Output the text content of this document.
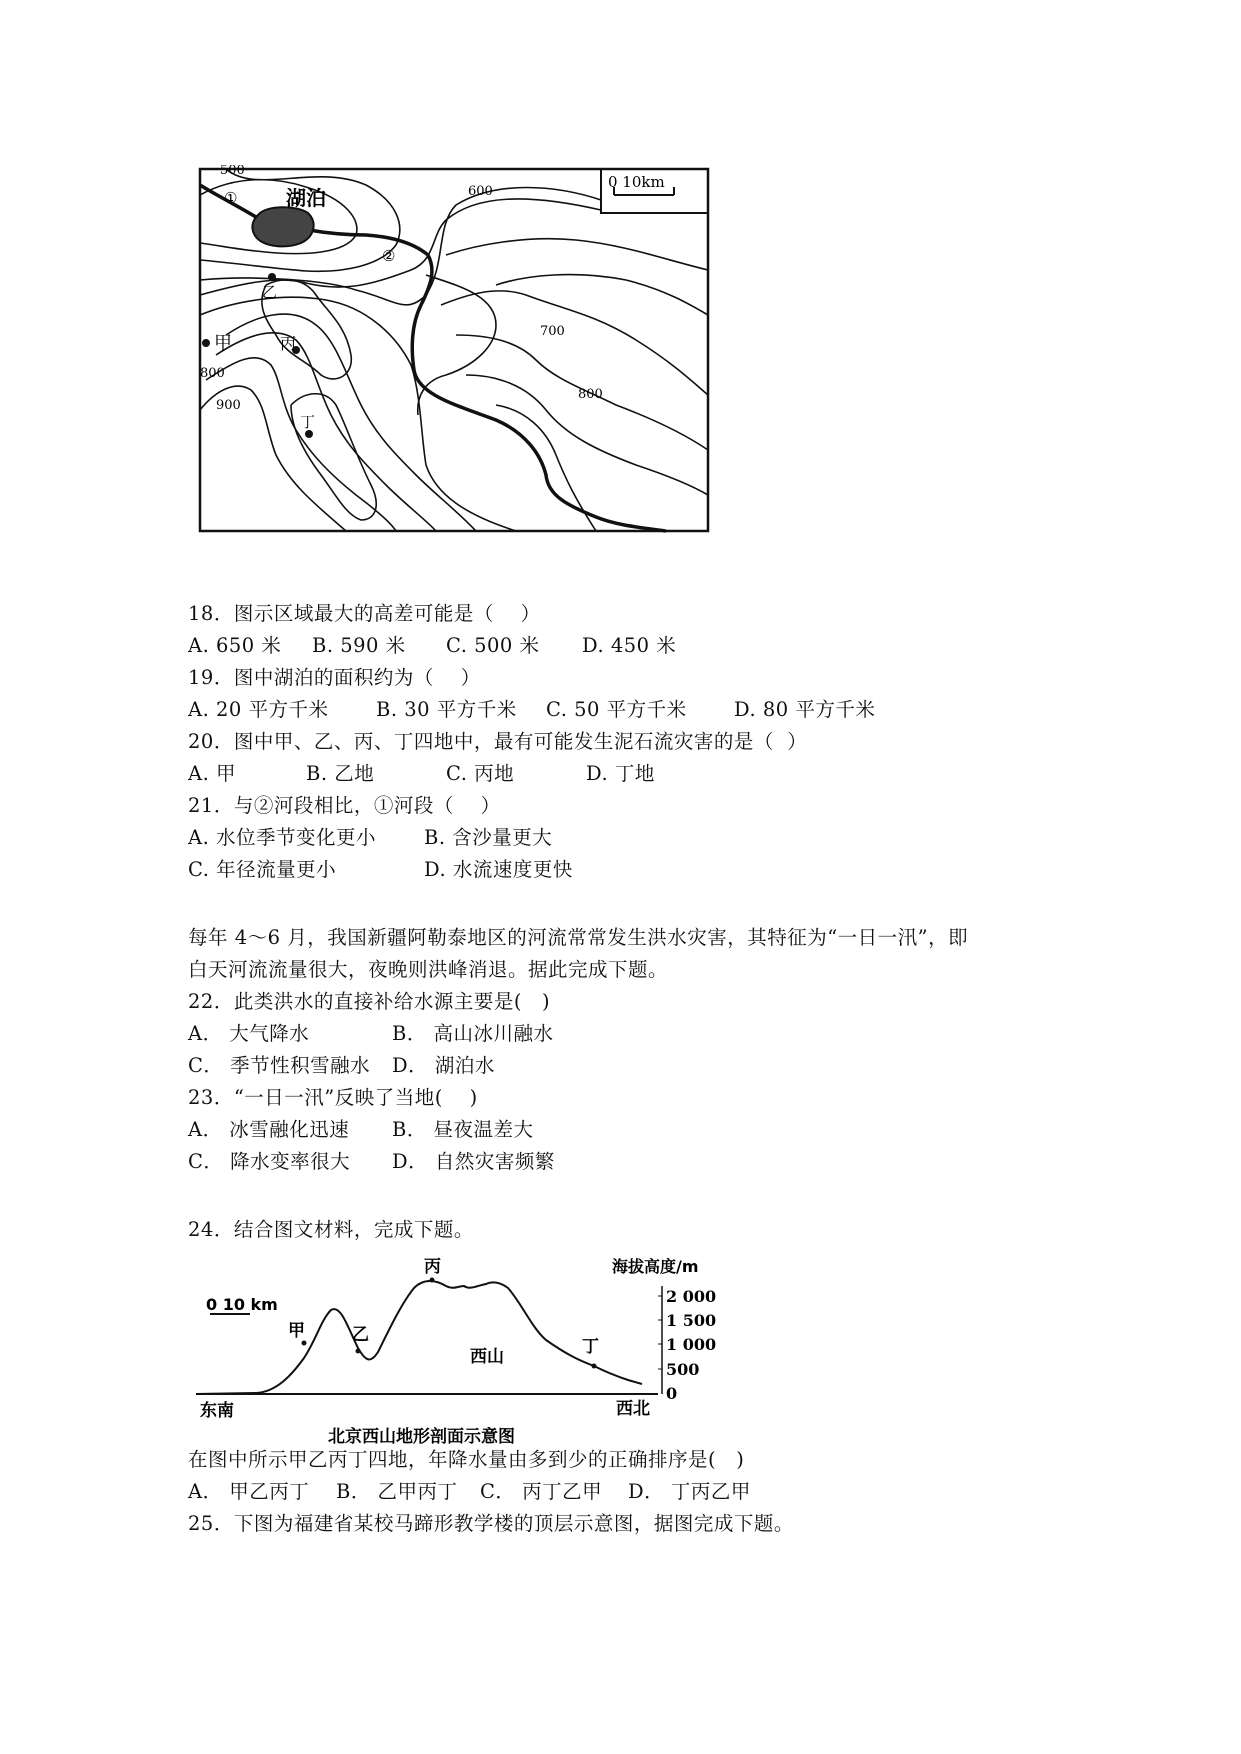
0 10km
湖泊
500
600
700
800
800
900
①
②
甲
乙
丙
丁
18．图示区域最大的高差可能是（    ）
A. 650 米 B. 590 米 C. 500 米 D. 450 米
19．图中湖泊的面积约为（    ）
A. 20 平方千米 B. 30 平方千米 C. 50 平方千米 D. 80 平方千米
20．图中甲、乙、丙、丁四地中，最有可能发生泥石流灾害的是（  ）
A. 甲	B. 乙地	C. 丙地	D. 丁地
21．与②河段相比，①河段（    ）
A. 水位季节变化更小 B. 含沙量更大
C. 年径流量更小	D. 水流速度更快
每年 4～6 月，我国新疆阿勒泰地区的河流常常发生洪水灾害，其特征为“一日一汛”，即
白天河流流量很大，夜晚则洪峰消退。据此完成下题。
22．此类洪水的直接补给水源主要是(   )
A． 大气降水	B． 高山冰川融水
C． 季节性积雪融水 D． 湖泊水
23．“一日一汛”反映了当地(    )
A． 冰雪融化迅速 B． 昼夜温差大
C． 降水变率很大 D． 自然灾害频繁
24．结合图文材料，完成下题。
海拔高度/m
2 000
1 500
1 000
500
0
0 10 km
甲	乙
丙
丁
西山
东南	西北
北京西山地形剖面示意图
在图中所示甲乙丙丁四地，年降水量由多到少的正确排序是(   )
A． 甲乙丙丁 B． 乙甲丙丁 C． 丙丁乙甲 D． 丁丙乙甲
25．下图为福建省某校马蹄形教学楼的顶层示意图，据图完成下题。
